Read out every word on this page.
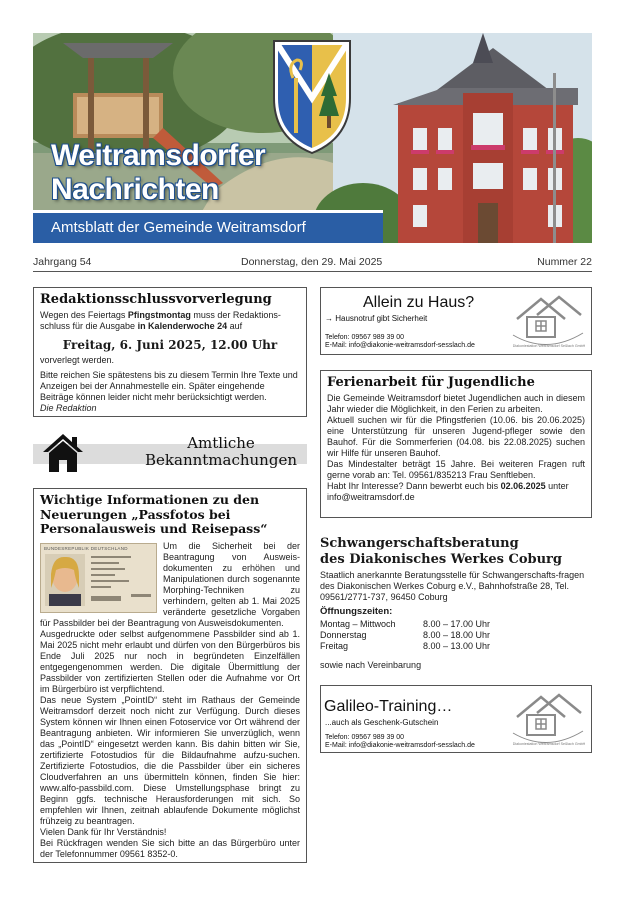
Weitramsdorfer
Nachrichten
Amtsblatt der Gemeinde Weitramsdorf
Jahrgang 54	Donnerstag, den 29. Mai 2025	Nummer 22
Redaktionsschlussvorverlegung

Wegen des Feiertags Pfingstmontag muss der Redaktions-schluss für die Ausgabe in Kalenderwoche 24 auf

Freitag, 6. Juni 2025, 12.00 Uhr

vorverlegt werden.

Bitte reichen Sie spätestens bis zu diesem Termin Ihre Texte und Anzeigen bei der Annahmestelle ein. Später eingehende Beiträge können leider nicht mehr berücksichtigt werden.

Die Redaktion

Amtliche
Bekanntmachungen
Wichtige Informationen zu den Neuerungen „Passfotos bei Personalausweis und Reisepass“
BUNDESREPUBLIK DEUTSCHLAND	Um die Sicherheit bei der Beantragung von Ausweis-dokumenten zu erhöhen und Manipulationen durch sogenannte Morphing-Techniken zu verhindern, gelten ab 1. Mai 2025 veränderte gesetzliche Vorgaben für Passbilder bei der Beantragung von Ausweisdokumenten.

Ausgedruckte oder selbst aufgenommene Passbilder sind ab 1. Mai 2025 nicht mehr erlaubt und dürfen von den Bürgerbüros bis Ende Juli 2025 nur noch in begründeten Einzelfällen entgegengenommen werden. Die digitale Übermittlung der Passbilder von zertifizierten Stellen oder die Aufnahme vor Ort im Bürgerbüro ist verpflichtend.

Das neue System „PointID“ steht im Rathaus der Gemeinde Weitramsdorf derzeit noch nicht zur Verfügung. Durch dieses System können wir Ihnen einen Fotoservice vor Ort während der Beantragung anbieten. Wir informieren Sie unverzüglich, wenn das „PointID“ eingesetzt werden kann. Bis dahin bitten wir Sie, zertifizierte Fotostudios für die Bildaufnahme aufzu-suchen. Zertifizierte Fotostudios, die die Passbilder über ein sicheres Cloudverfahren an uns übermitteln können, finden Sie hier: www.alfo-passbild.com. Diese Umstellungsphase bringt zu Beginn ggfs. technische Herausforderungen mit sich. So empfehlen wir Ihnen, zeitnah ablaufende Dokumente möglichst frühzeig zu beantragen.

Vielen Dank für Ihr Verständnis!

Bei Rückfragen wenden Sie sich bitte an das Bürgerbüro unter der Telefonnummer 09561 8352-0.

Allein zu Haus?
→ Hausnotruf gibt Sicherheit
Telefon: 09567 989 39 00
E-Mail: info@diakonie-weitramsdorf-sesslach.de	Diakoniestation Weitramsdorf Seßlach GmbH
Ferienarbeit für Jugendliche

Die Gemeinde Weitramsdorf bietet Jugendlichen auch in diesem Jahr wieder die Möglichkeit, in den Ferien zu arbeiten.

Aktuell suchen wir für die Pfingstferien (10.06. bis 20.06.2025) eine Unterstützung für unseren Jugend-pfleger sowie den Bauhof. Für die Sommerferien (04.08. bis 22.08.2025) suchen wir Hilfe für unseren Bauhof.

Das Mindestalter beträgt 15 Jahre. Bei weiteren Fragen ruft gerne vorab an: Tel. 09561/835213 Frau Senftleben.

Habt Ihr Interesse? Dann bewerbt euch bis 02.06.2025 unter info@weitramsdorf.de

Schwangerschaftsberatung
des Diakonisches Werkes Coburg

Staatlich anerkannte Beratungsstelle für Schwangerschafts-fragen des Diakonischen Werkes Coburg e.V., Bahnhofstraße 28, Tel. 09561/2771-737, 96450 Coburg

Öffnungszeiten:
Montag – Mittwoch	8.00 – 17.00 Uhr
Donnerstag	8.00 – 18.00 Uhr
Freitag	8.00 – 13.00 Uhr

sowie nach Vereinbarung

Galileo-Training…
...auch als Geschenk-Gutschein
Telefon: 09567 989 39 00
E-Mail: info@diakonie-weitramsdorf-sesslach.de	Diakoniestation Weitramsdorf Seßlach GmbH
